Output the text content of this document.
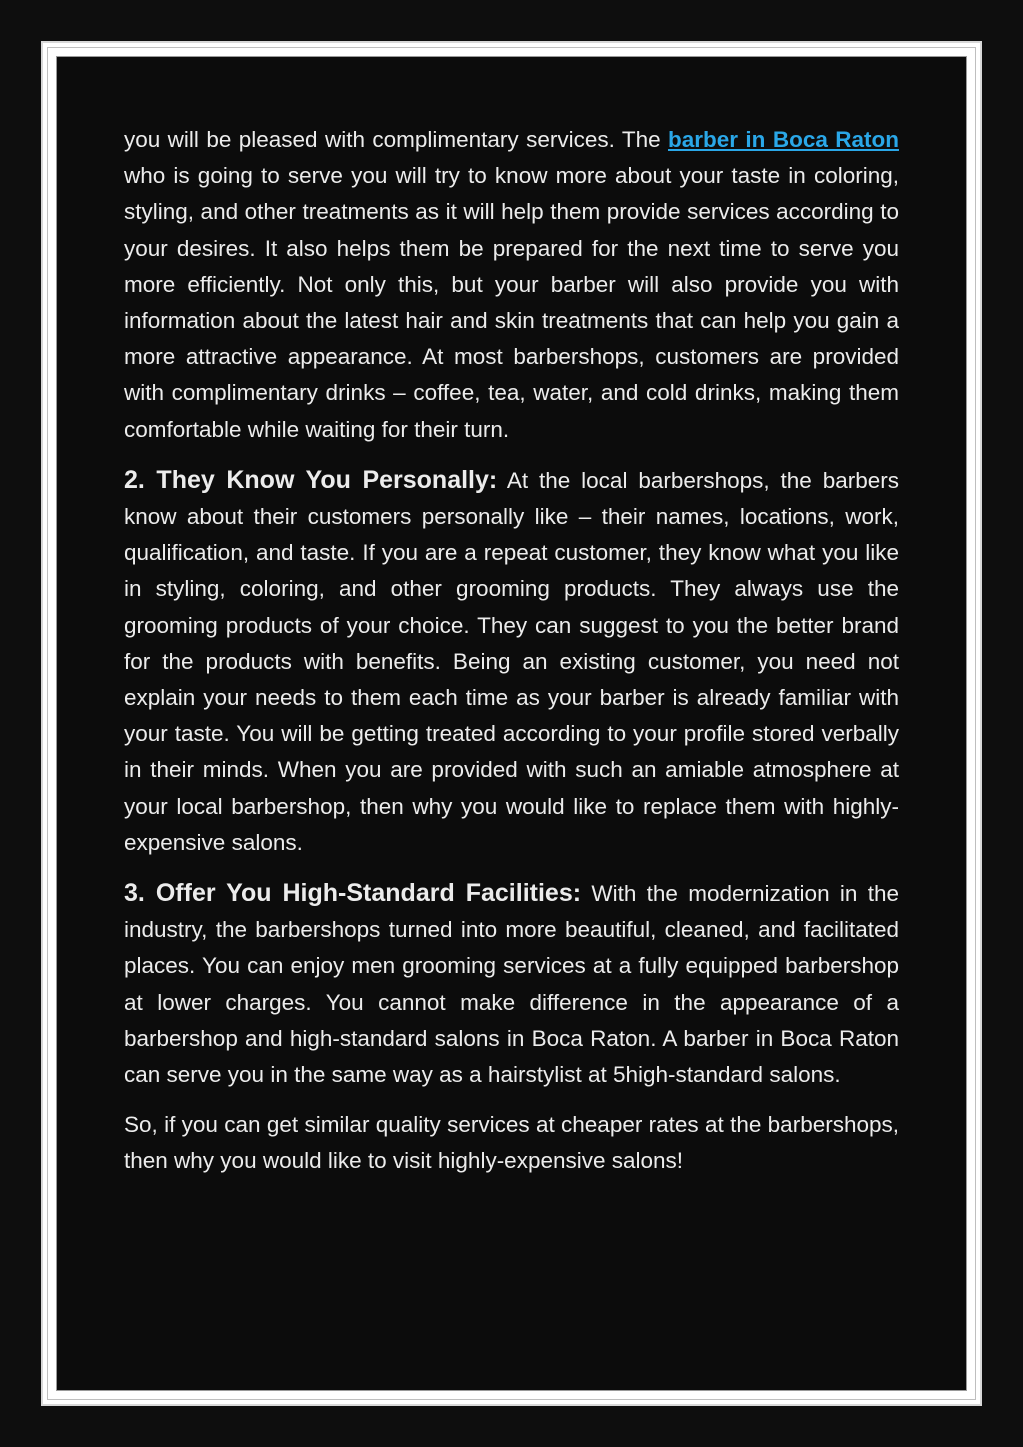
you will be pleased with complimentary services. The barber in Boca Raton who is going to serve you will try to know more about your taste in coloring, styling, and other treatments as it will help them provide services according to your desires. It also helps them be prepared for the next time to serve you more efficiently. Not only this, but your barber will also provide you with information about the latest hair and skin treatments that can help you gain a more attractive appearance. At most barbershops, customers are provided with complimentary drinks – coffee, tea, water, and cold drinks, making them comfortable while waiting for their turn.

2. They Know You Personally: At the local barbershops, the barbers know about their customers personally like – their names, locations, work, qualification, and taste. If you are a repeat customer, they know what you like in styling, coloring, and other grooming products. They always use the grooming products of your choice. They can suggest to you the better brand for the products with benefits. Being an existing customer, you need not explain your needs to them each time as your barber is already familiar with your taste. You will be getting treated according to your profile stored verbally in their minds. When you are provided with such an amiable atmosphere at your local barbershop, then why you would like to replace them with highly-expensive salons.

3. Offer You High-Standard Facilities: With the modernization in the industry, the barbershops turned into more beautiful, cleaned, and facilitated places. You can enjoy men grooming services at a fully equipped barbershop at lower charges. You cannot make difference in the appearance of a barbershop and high-standard salons in Boca Raton. A barber in Boca Raton can serve you in the same way as a hairstylist at 5high-standard salons.

So, if you can get similar quality services at cheaper rates at the barbershops, then why you would like to visit highly-expensive salons!
